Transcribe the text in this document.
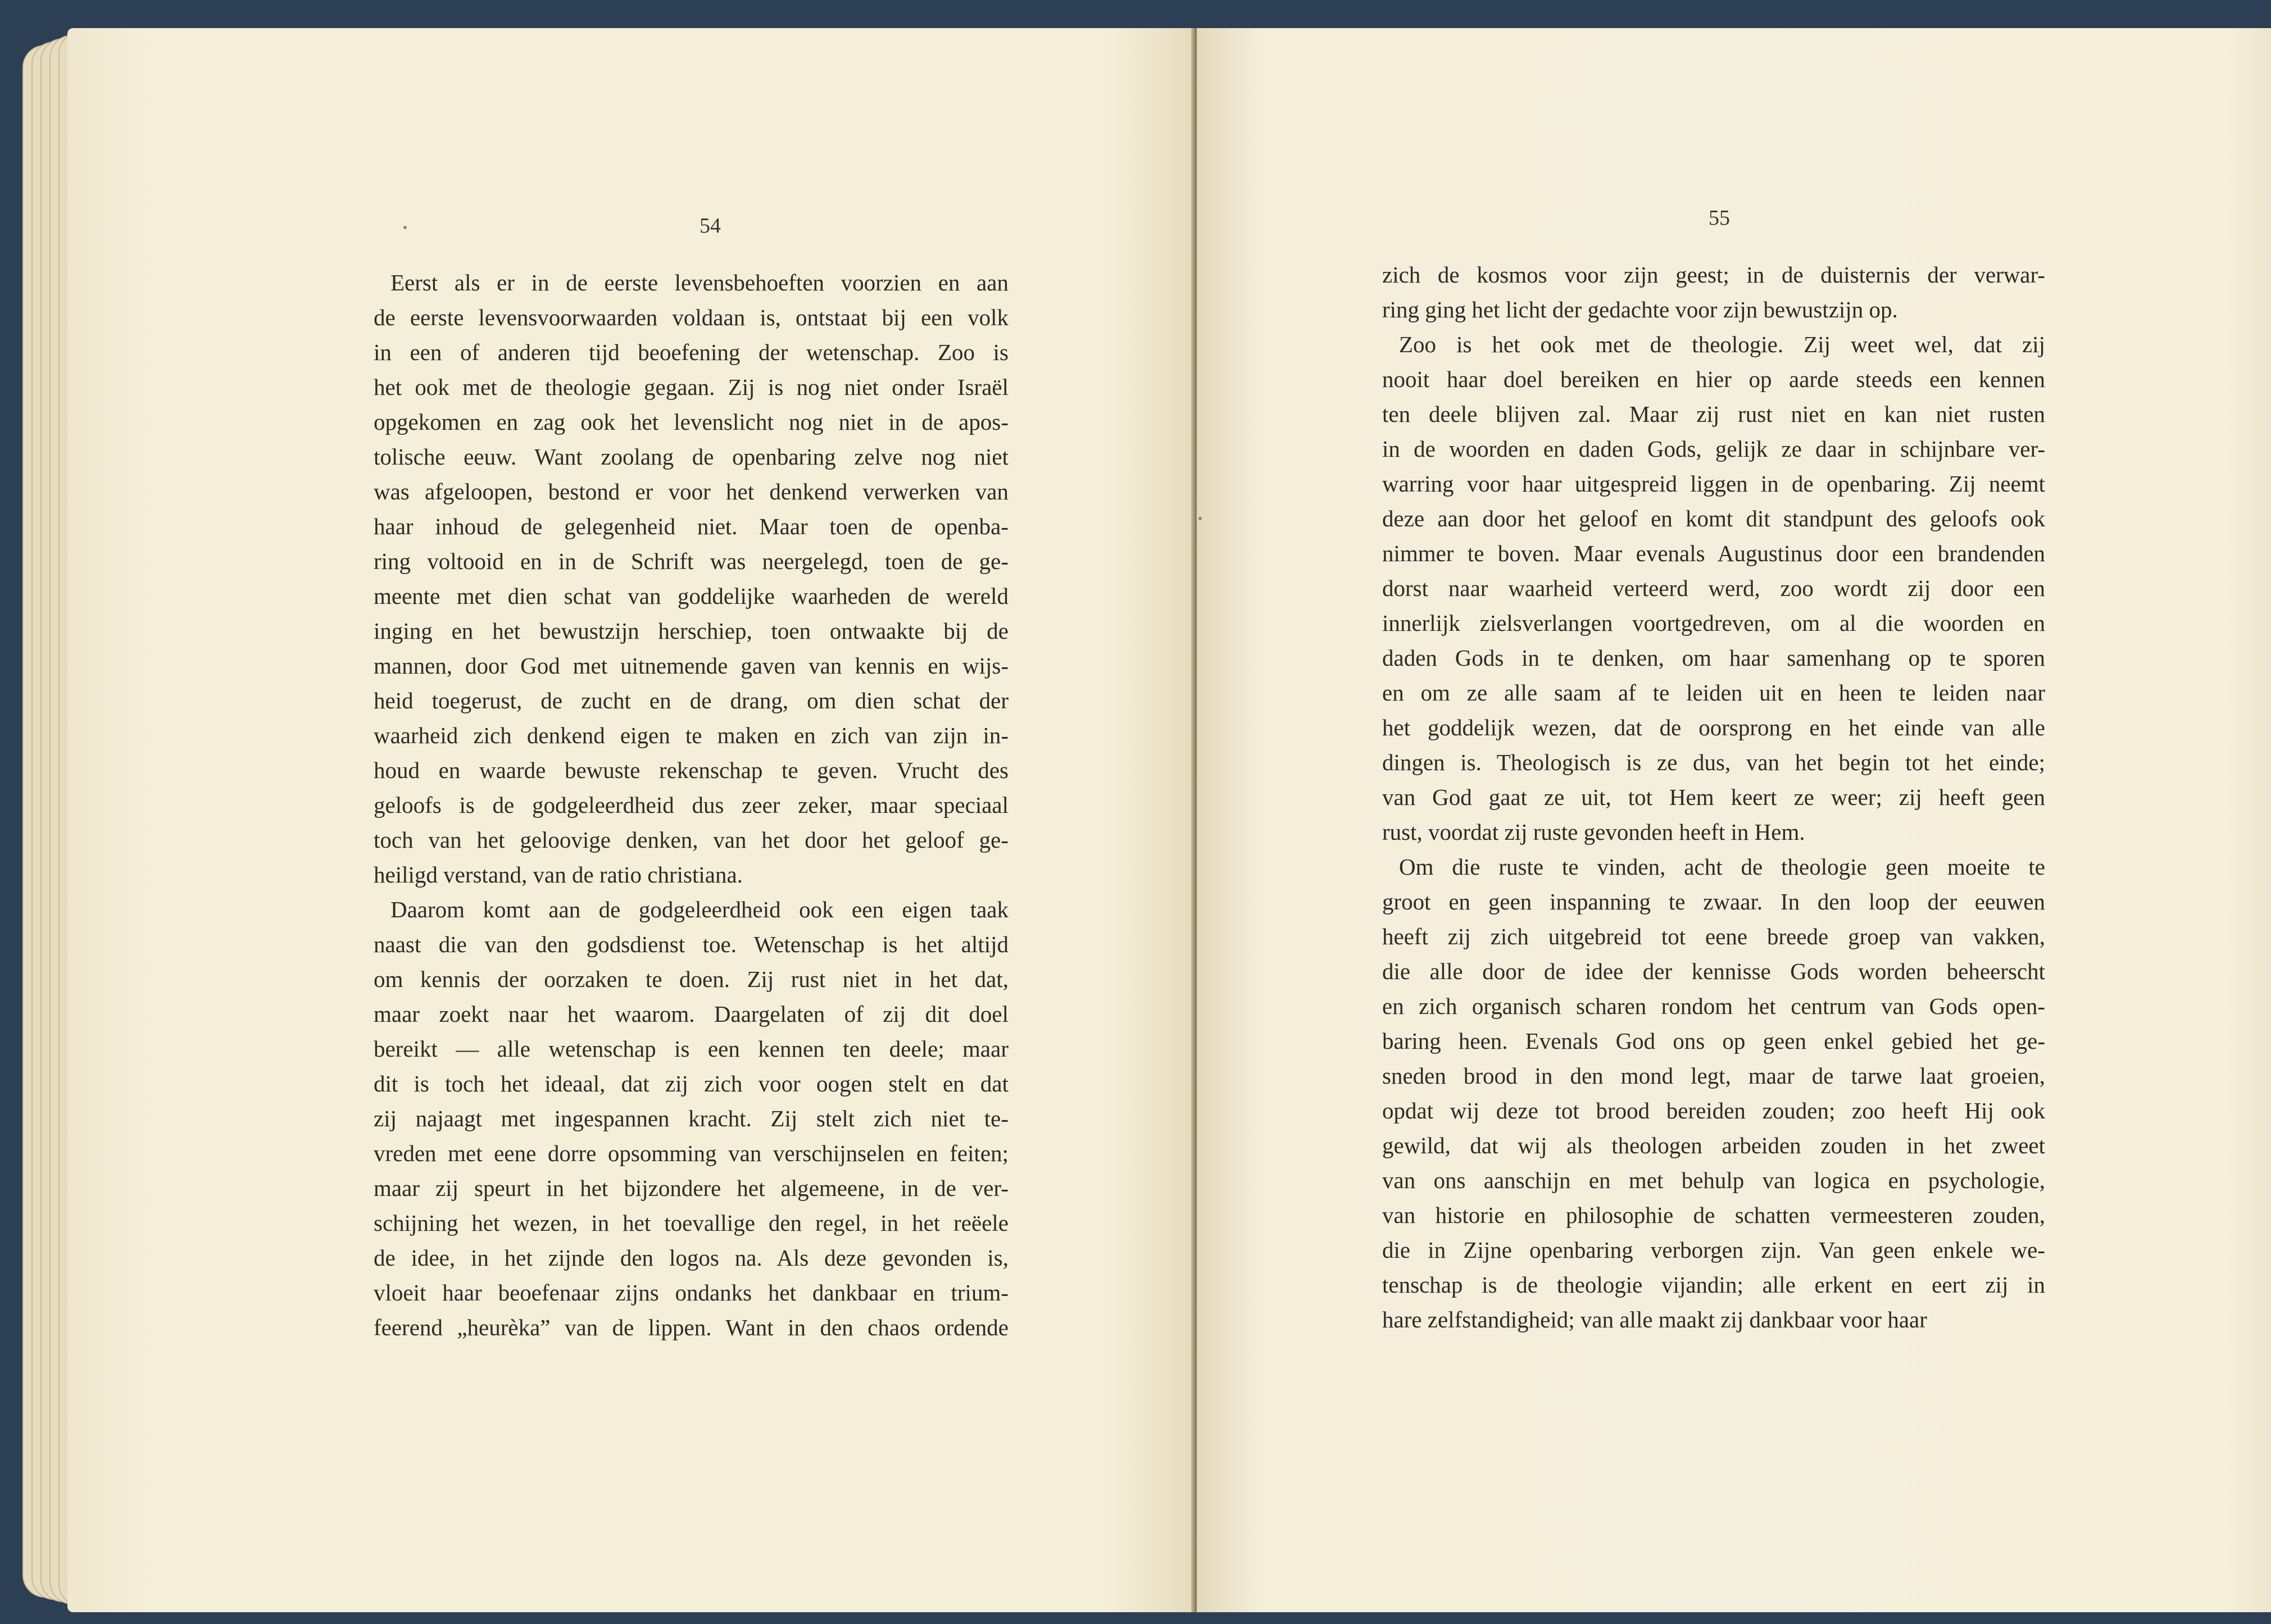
54
Eerst als er in de eerste levensbehoeften voorzien en aan
de eerste levensvoorwaarden voldaan is, ontstaat bij een volk
in een of anderen tijd beoefening der wetenschap. Zoo is
het ook met de theologie gegaan. Zij is nog niet onder Israël
opgekomen en zag ook het levenslicht nog niet in de apos-
tolische eeuw. Want zoolang de openbaring zelve nog niet
was afgeloopen, bestond er voor het denkend verwerken van
haar inhoud de gelegenheid niet. Maar toen de openba-
ring voltooid en in de Schrift was neergelegd, toen de ge-
meente met dien schat van goddelijke waarheden de wereld
inging en het bewustzijn herschiep, toen ontwaakte bij de
mannen, door God met uitnemende gaven van kennis en wijs-
heid toegerust, de zucht en de drang, om dien schat der
waarheid zich denkend eigen te maken en zich van zijn in-
houd en waarde bewuste rekenschap te geven. Vrucht des
geloofs is de godgeleerdheid dus zeer zeker, maar speciaal
toch van het geloovige denken, van het door het geloof ge-
heiligd verstand, van de ratio christiana.
Daarom komt aan de godgeleerdheid ook een eigen taak
naast die van den godsdienst toe. Wetenschap is het altijd
om kennis der oorzaken te doen. Zij rust niet in het dat,
maar zoekt naar het waarom. Daargelaten of zij dit doel
bereikt — alle wetenschap is een kennen ten deele; maar
dit is toch het ideaal, dat zij zich voor oogen stelt en dat
zij najaagt met ingespannen kracht. Zij stelt zich niet te-
vreden met eene dorre opsomming van verschijnselen en feiten;
maar zij speurt in het bijzondere het algemeene, in de ver-
schijning het wezen, in het toevallige den regel, in het reëele
de idee, in het zijnde den logos na. Als deze gevonden is,
vloeit haar beoefenaar zijns ondanks het dankbaar en trium-
feerend „heurèka” van de lippen. Want in den chaos ordende
55
zich de kosmos voor zijn geest; in de duisternis der verwar-
ring ging het licht der gedachte voor zijn bewustzijn op.
Zoo is het ook met de theologie. Zij weet wel, dat zij
nooit haar doel bereiken en hier op aarde steeds een kennen
ten deele blijven zal. Maar zij rust niet en kan niet rusten
in de woorden en daden Gods, gelijk ze daar in schijnbare ver-
warring voor haar uitgespreid liggen in de openbaring. Zij neemt
deze aan door het geloof en komt dit standpunt des geloofs ook
nimmer te boven. Maar evenals Augustinus door een brandenden
dorst naar waarheid verteerd werd, zoo wordt zij door een
innerlijk zielsverlangen voortgedreven, om al die woorden en
daden Gods in te denken, om haar samenhang op te sporen
en om ze alle saam af te leiden uit en heen te leiden naar
het goddelijk wezen, dat de oorsprong en het einde van alle
dingen is. Theologisch is ze dus, van het begin tot het einde;
van God gaat ze uit, tot Hem keert ze weer; zij heeft geen
rust, voordat zij ruste gevonden heeft in Hem.
Om die ruste te vinden, acht de theologie geen moeite te
groot en geen inspanning te zwaar. In den loop der eeuwen
heeft zij zich uitgebreid tot eene breede groep van vakken,
die alle door de idee der kennisse Gods worden beheerscht
en zich organisch scharen rondom het centrum van Gods open-
baring heen. Evenals God ons op geen enkel gebied het ge-
sneden brood in den mond legt, maar de tarwe laat groeien,
opdat wij deze tot brood bereiden zouden; zoo heeft Hij ook
gewild, dat wij als theologen arbeiden zouden in het zweet
van ons aanschijn en met behulp van logica en psychologie,
van historie en philosophie de schatten vermeesteren zouden,
die in Zijne openbaring verborgen zijn. Van geen enkele we-
tenschap is de theologie vijandin; alle erkent en eert zij in
hare zelfstandigheid; van alle maakt zij dankbaar voor haar
